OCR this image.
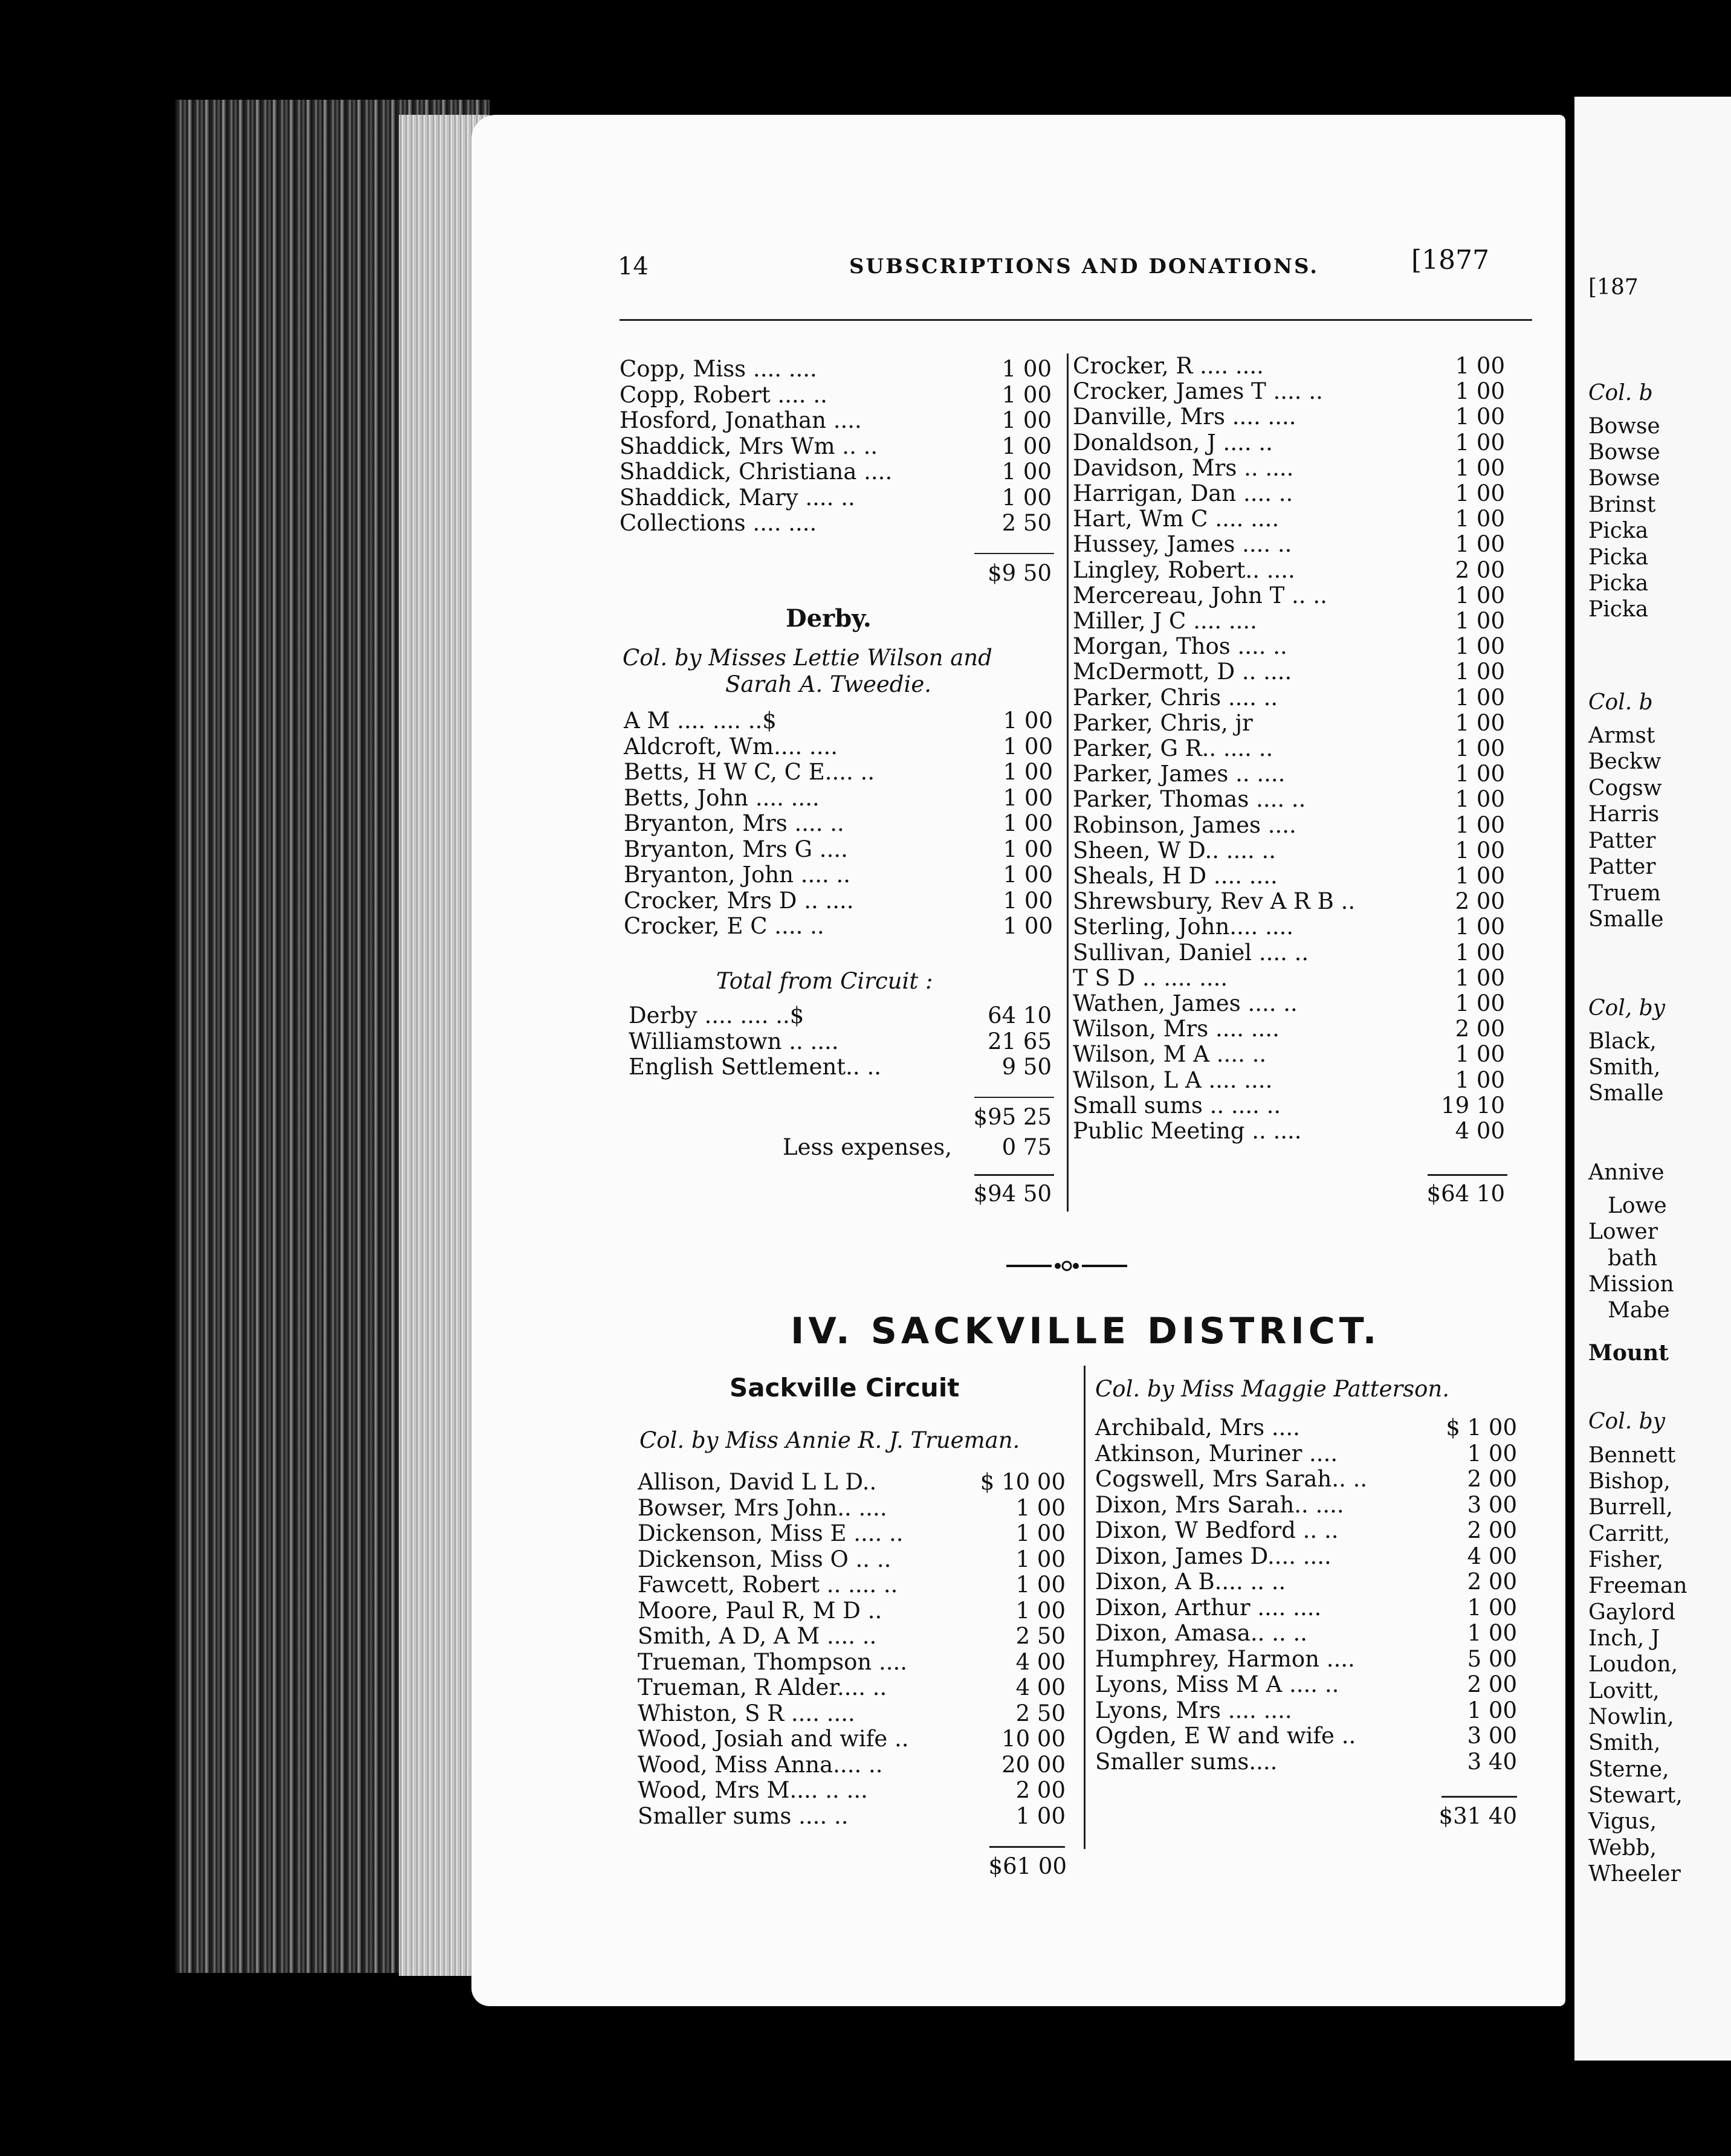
14	SUBSCRIPTIONS AND DONATIONS.	[1877
Copp, Miss .... ....	1 00
Copp, Robert .... ..	1 00
Hosford, Jonathan ....	1 00
Shaddick, Mrs Wm .. ..	1 00
Shaddick, Christiana ....	1 00
Shaddick, Mary .... ..	1 00
Collections .... ....	2 50
$9 50
Derby.
Col. by Misses Lettie Wilson and
Sarah A. Tweedie.
A M .... .... ..$	1 00
Aldcroft, Wm.... ....	1 00
Betts, H W C, C E.... ..	1 00
Betts, John .... ....	1 00
Bryanton, Mrs .... ..	1 00
Bryanton, Mrs G ....	1 00
Bryanton, John .... ..	1 00
Crocker, Mrs D .. ....	1 00
Crocker, E C .... ..	1 00
Total from Circuit :
Derby .... .... ..$	64 10
Williamstown .. ....	21 65
English Settlement.. ..	9 50
$95 25
Less expenses,	0 75
$94 50
Crocker, R .... ....	1 00
Crocker, James T .... ..	1 00
Danville, Mrs .... ....	1 00
Donaldson, J .... ..	1 00
Davidson, Mrs .. ....	1 00
Harrigan, Dan .... ..	1 00
Hart, Wm C .... ....	1 00
Hussey, James .... ..	1 00
Lingley, Robert.. ....	2 00
Mercereau, John T .. ..	1 00
Miller, J C .... ....	1 00
Morgan, Thos .... ..	1 00
McDermott, D .. ....	1 00
Parker, Chris .... ..	1 00
Parker, Chris, jr	1 00
Parker, G R.. .... ..	1 00
Parker, James .. ....	1 00
Parker, Thomas .... ..	1 00
Robinson, James ....	1 00
Sheen, W D.. .... ..	1 00
Sheals, H D .... ....	1 00
Shrewsbury, Rev A R B ..	2 00
Sterling, John.... ....	1 00
Sullivan, Daniel .... ..	1 00
T S D .. .... ....	1 00
Wathen, James .... ..	1 00
Wilson, Mrs .... ....	2 00
Wilson, M A .... ..	1 00
Wilson, L A .... ....	1 00
Small sums .. .... ..	19 10
Public Meeting .. ....	4 00
$64 10
IV. SACKVILLE DISTRICT.
Sackville Circuit
Col. by Miss Annie R. J. Trueman.
Allison, David L L D..	$ 10 00
Bowser, Mrs John.. ....	1 00
Dickenson, Miss E .... ..	1 00
Dickenson, Miss O .. ..	1 00
Fawcett, Robert .. .... ..	1 00
Moore, Paul R, M D ..	1 00
Smith, A D, A M .... ..	2 50
Trueman, Thompson ....	4 00
Trueman, R Alder.... ..	4 00
Whiston, S R .... ....	2 50
Wood, Josiah and wife ..	10 00
Wood, Miss Anna.... ..	20 00
Wood, Mrs M.... .. ...	2 00
Smaller sums .... ..	1 00
$61 00
Col. by Miss Maggie Patterson.
Archibald, Mrs ....	$ 1 00
Atkinson, Muriner ....	1 00
Cogswell, Mrs Sarah.. ..	2 00
Dixon, Mrs Sarah.. ....	3 00
Dixon, W Bedford .. ..	2 00
Dixon, James D.... ....	4 00
Dixon, A B.... .. ..	2 00
Dixon, Arthur .... ....	1 00
Dixon, Amasa.. .. ..	1 00
Humphrey, Harmon ....	5 00
Lyons, Miss M A .... ..	2 00
Lyons, Mrs .... ....	1 00
Ogden, E W and wife ..	3 00
Smaller sums....	3 40
$31 40
[187
Col. b
Bowse
Bowse
Bowse
Brinst
Picka
Picka
Picka
Picka
Col. b
Armst
Beckw
Cogsw
Harris
Patter
Patter
Truem
Smalle
Col, by
Black,
Smith,
Smalle
Annive
Lowe
Lower
bath
Mission
Mabe
Mount
Col. by
Bennett
Bishop,
Burrell,
Carritt,
Fisher,
Freeman
Gaylord
Inch, J
Loudon,
Lovitt,
Nowlin,
Smith,
Sterne,
Stewart,
Vigus,
Webb,
Wheeler
